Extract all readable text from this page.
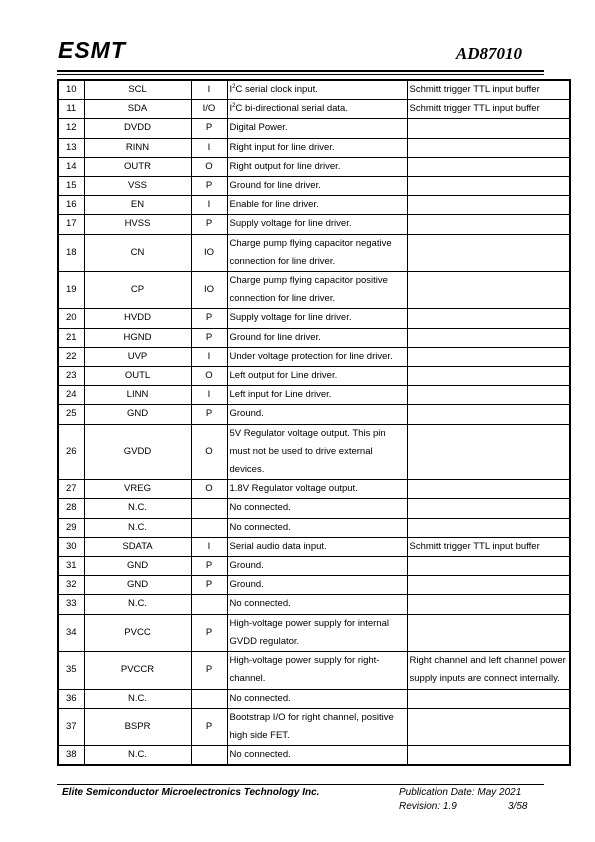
ESMT	AD87010
10	SCL	I	$I^2C$ serial clock input.	Schmitt trigger TTL input buffer
11	SDA	I/O	$I^2C$ bi-directional serial data.	Schmitt trigger TTL input buffer
12	DVDD	P	Digital Power.	
13	RINN	I	Right input for line driver.	
14	OUTR	O	Right output for line driver.	
15	VSS	P	Ground for line driver.	
16	EN	I	Enable for line driver.	
17	HVSS	P	Supply voltage for line driver.	
18	CN	IO	Charge pump flying capacitor negative connection for line driver.	
19	CP	IO	Charge pump flying capacitor positive connection for line driver.	
20	HVDD	P	Supply voltage for line driver.	
21	HGND	P	Ground for line driver.	
22	UVP	I	Under voltage protection for line driver.	
23	OUTL	O	Left output for Line driver.	
24	LINN	I	Left input for Line driver.	
25	GND	P	Ground.	
26	GVDD	O	5V Regulator voltage output. This pin must not be used to drive external devices.	
27	VREG	O	1.8V Regulator voltage output.	
28	N.C.		No connected.	
29	N.C.		No connected.	
30	SDATA	I	Serial audio data input.	Schmitt trigger TTL input buffer
31	GND	P	Ground.	
32	GND	P	Ground.	
33	N.C.		No connected.	
34	PVCC	P	High-voltage power supply for internal GVDD regulator.	
35	PVCCR	P	High-voltage power supply for right-channel.	Right channel and left channel power supply inputs are connect internally.
36	N.C.		No connected.	
37	BSPR	P	Bootstrap I/O for right channel, positive high side FET.	
38	N.C.		No connected.	
Elite Semiconductor Microelectronics Technology Inc.	Publication Date: May 2021
Revision: 1.9	3/58
